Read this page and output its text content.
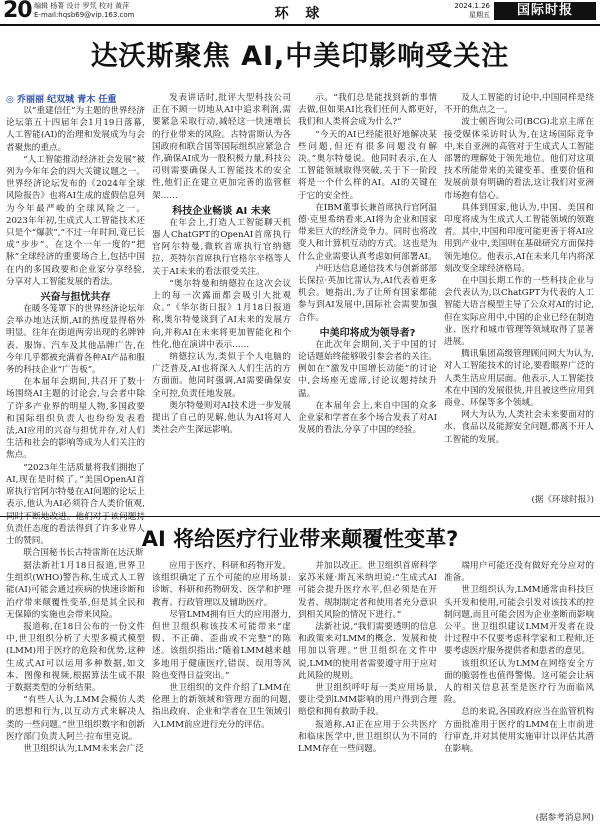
20 编辑 杨菁 设计 罗氘 校对 黄萍
E-mail:hqsb69@vip.163.com	环 球	2024.1.26
星期五	国际时报
达沃斯聚焦 AI,中美印影响受关注

◎ 乔丽丽 纪双城 青木 任重

以“重建信任”为主题的世界经济论坛第五十四届年会1月19日落幕,人工智能(AI)的治理和发展成为与会者聚焦的重点。

“人工智能推动经济社会发展”被列为今年年会的四大关键议题之一。世界经济论坛发布的《2024年全球风险报告》也将AI生成的虚假信息列为今年最严峻的全球风险之一。2023年年初,生成式人工智能技术还只是个“爆款”,“不过一年时间,竟已长成“步步”。在这个一年一度的“把脉”全球经济的重要场合上,包括中国在内的多国政要和企业家分享经验,分享对人工智能发展的看法。

兴奋与担忧共存

在暖冬笼罩下的世界经济论坛年会举办地达沃斯,AI的热度显得格外明显。往年在街道两旁出现的名牌钟表、服饰、汽车及其他品牌广告,在今年几乎都被充满着各种AI产品和服务的科技企业“广告板”。

在本届年会期间,共召开了数十场围绕AI主题的讨论会,与会者中除了许多产业界的明星人物,多国政要和国际组织负责人也纷纷发表看法,AI应用的兴奋与担忧并存,对人们生活和社会的影响等成为人们关注的焦点。

“2023年生活质量将我们拥抱了AI,现在是时候了。”美国OpenAI首席执行官阿尔特曼在AI问题的论坛上表示,他认为AI必须符合人类价值观, 负责任态度的看法得到了许多业界人士的赞同。

联合国秘书长古特雷斯在达沃斯

发表讲话时,批评大型科技公司正在不顾一切地从AI中追求利润,需要紧急采取行动,减轻这一快速增长的行业带来的风险。古特雷斯认为各国政府和联合国等国际组织应紧急合作,确保AI成为一股积极力量,科技公司则需要确保人工智能技术的安全性,他们正在建立更加完善的监管框架……

科技企业畅谈 AI 未来

在年会上,打造人工智能聊天机器人ChatGPT的OpenAI首席执行官阿尔特曼,微软首席执行官纳德拉、英特尔首席执行官格尔辛格等人关于AI未来的看法很受关注。

“奥尔特曼和纳德拉在这次会议上的每一次露面都会吸引大批观众。”《华尔街日报》1月18日报道称,奥尔特曼谈到了AI未来的发展方向,并称AI在未来将更加智能化和个性化,他在演讲中表示……

纳德拉认为,类似于个人电脑的广泛普及,AI也将深入人们生活的方方面面。他同时强调,AI需要确保安全可控,负责任地发展。

奥尔特曼则对AI技术进一步发展提出了自己的见解,他认为AI将对人类社会产生深远影响。

示。“我们总是能找到新的事情去做,但如果AI比我们任何人都更好,我们和人类将会成为什么?”

“今天的AI已经能很好地解决某些问题,但还有很多问题没有解决。”奥尔特曼说。他同时表示,在人工智能领域取得突破,关于下一阶段将是一个什么样的AI。AI的关键在于它的安全性。

在IBM董事长兼首席执行官阿温德·克里希纳看来,AI将为企业和国家带来巨大的经济竞争力。同时也将改变人和计算机互动的方式。这也是为什么企业需要认真考虑如何部署AI。

卢旺达信息通信技术与创新部部长保拉·英加比雷认为,AI代表着更多机会。她指出,为了让所有国家都能参与到AI发展中,国际社会需要加强合作。

中美印将成为领导者?

在此次年会期间,关于中国的讨论话题始终能够吸引参会者的关注。例如在“激发中国增长动能”的讨论中,会场座无虚席,讨论议题持续升温。

在本届年会上,来自中国的众多企业家和学者在多个场合发表了对AI发展的看法,分享了中国的经验。

及人工智能的讨论中,中国同样是绕不开的焦点之一。

波士顿咨询公司(BCG)北京主席在接受媒体采访时认为,在这场国际竞争中,来自亚洲的高管对于生成式人工智能部署的理解处于领先地位。他们对这项技术所能带来的关键变革、重要价值和发展前景有明确的看法,这让我们对亚洲市场抱有信心。

具体到国家,他认为,中国、美国和印度将成为生成式人工智能领域的领跑者。其中,中国和印度可能更善于将AI应用到产业中,美国则在基础研究方面保持领先地位。他表示,AI在未来几年内将深刻改变全球经济格局。

在中国长期工作的一些科技企业与会代表认为,以ChatGPT为代表的人工智能大语言模型主导了公众对AI的讨论,但在实际应用中,中国的企业已经在制造业、医疗和城市管理等领域取得了显著进展。

腾讯集团高级管理顾问网大为认为,对人工智能技术的讨论,要看眼界广泛的人类生活应用层面。他表示,人工智能技术在中国的发展很快,并且被这些应用到商业、环保等多个领域。

网大为认为,人类社会未来要面对的水、食品以及能源安全问题,都离不开人工智能的发展。

(据《环球时报》)

AI 将给医疗行业带来颠覆性变革?

据法新社1月18日报道,世界卫生组织(WHO)警告称,生成式人工智能(AI)可能会通过疾病的快速诊断和治疗带来颠覆性变革,但是其全民和无保障的实施也会带来风险。

报道称,在18日公布的一份文件中,世卫组织分析了大型多模式模型(LMM)用于医疗的危险和优势,这种生成式AI可以运用多种数据,如文本、图像和视频,根据算法生成不限于数据类型的分析结果。

“有些人认为,LMM会模仿人类的思想和行为,以互动方式来解决人类的一些问题。”世卫组织数字和创新医疗部门负责人阿兰·拉布里克说。

世卫组织认为,LMM未来会广泛

应用于医疗、科研和药物开发。该组织确定了五个可能的应用场景:诊断、科研和药物研发、医学和护理教育、行政管理以及辅助医疗。

尽管LMM拥有巨大的应用潜力,但世卫组织称该技术可能带来“虚假、不正确、歪曲或不完整”的陈述。该组织指出:“随着LMM越来越多地用于健康医疗,错误、误用等风险也变得日益突出。”

世卫组织的文件介绍了LMM在伦理上的新领域和管理方面的问题,指出政府、企业和学者在卫生领域引入LMM前应进行充分的评估。

并加以改正。世卫组织首席科学家苏米娅·斯瓦米纳坦说:“生成式AI可能会提升医疗水平,但必须是在开发者、规制制定者和使用者充分意识到相关风险的情况下进行。”

法新社说,“我们需要透明的信息和政策来对LMM的概念、发展和使用加以管理。”世卫组织在文件中说,LMM的使用者需要遵守用于应对此风险的规则。

世卫组织呼吁每一类应用场景,要让受到LMM影响的用户得到合理赔偿和拥有救助手段。

报道称,AI正在应用于公共医疗和临床医学中,世卫组织认为不同的LMM存在一些问题。

端用户可能还没有做好充分应对的准备。

世卫组织认为,LMM通常由科技巨头开发和使用,可能会引发对该技术的控制问题,而且可能会因为企业垄断而影响公平。世卫组织建议LMM开发者在设计过程中不仅要考虑科学家和工程师,还要考虑医疗服务提供者和患者的意见。

该组织还认为LMM在网络安全方面的脆弱性也值得警惕。这可能会让病人的相关信息甚至是医疗行为面临风险。

总的来说,各国政府应当在监管机构方面批准用于医疗的LMM在上市前进行审查,并对其使用实施审计以评估其潜在影响。

(据参考消息网)
